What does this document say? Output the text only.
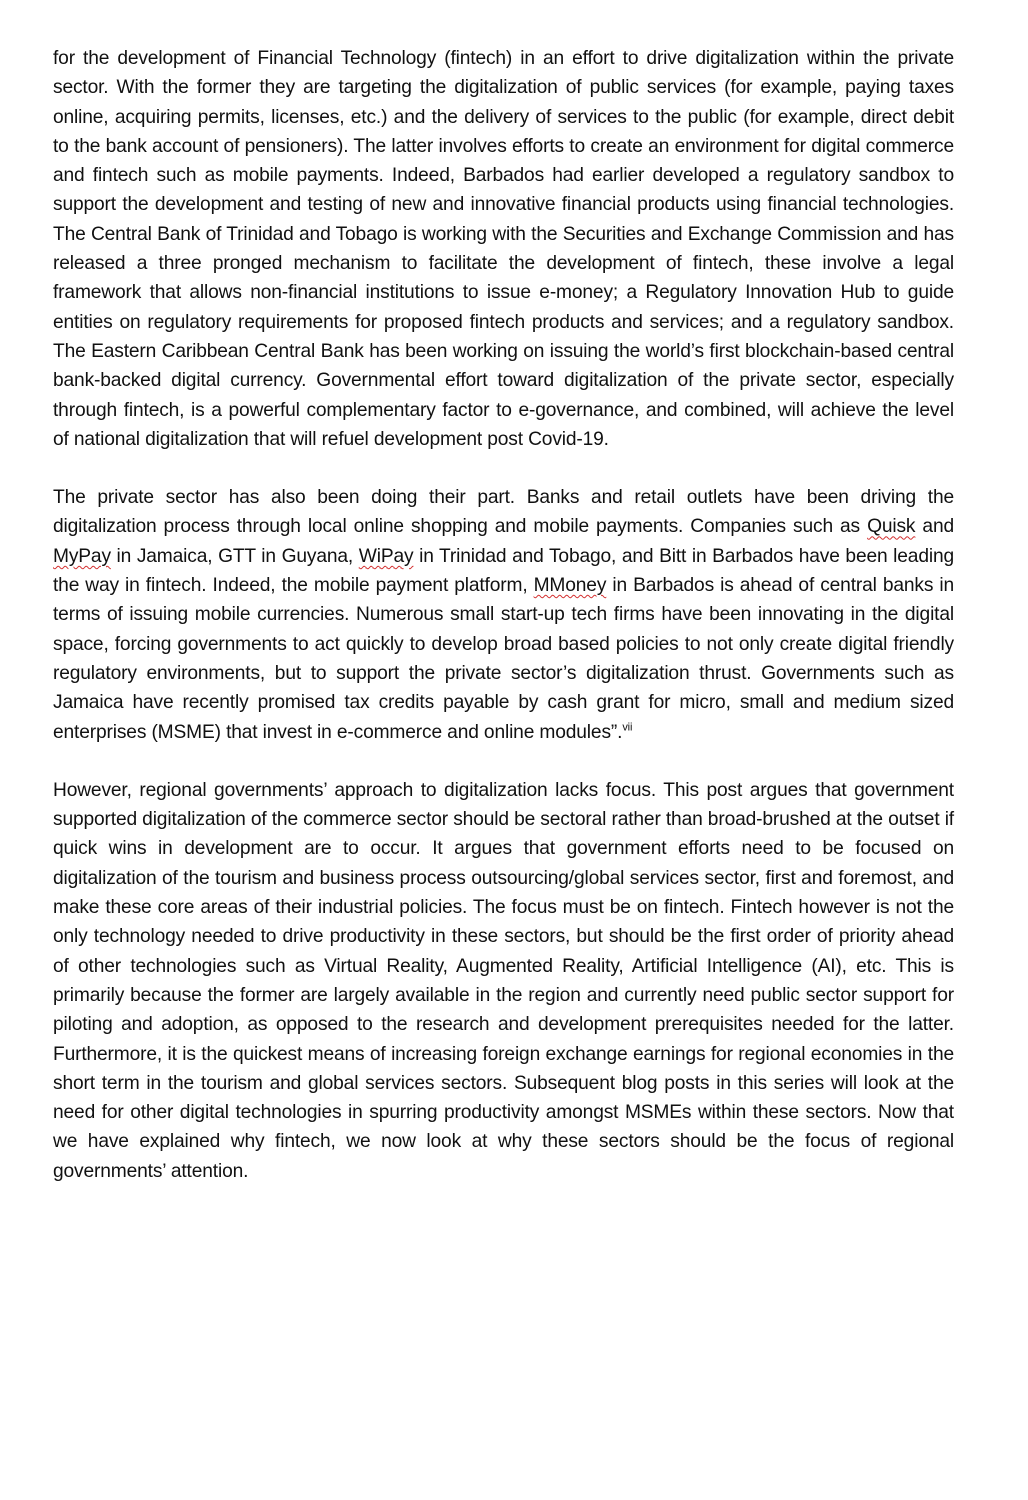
for the development of Financial Technology (fintech) in an effort to drive digitalization within the private sector. With the former they are targeting the digitalization of public services (for example, paying taxes online, acquiring permits, licenses, etc.) and the delivery of services to the public (for example, direct debit to the bank account of pensioners). The latter involves efforts to create an environment for digital commerce and fintech such as mobile payments. Indeed, Barbados had earlier developed a regulatory sandbox to support the development and testing of new and innovative financial products using financial technologies. The Central Bank of Trinidad and Tobago is working with the Securities and Exchange Commission and has released a three pronged mechanism to facilitate the development of fintech, these involve a legal framework that allows non-financial institutions to issue e-money; a Regulatory Innovation Hub to guide entities on regulatory requirements for proposed fintech products and services; and a regulatory sandbox. The Eastern Caribbean Central Bank has been working on issuing the world’s first blockchain-based central bank-backed digital currency. Governmental effort toward digitalization of the private sector, especially through fintech, is a powerful complementary factor to e-governance, and combined, will achieve the level of national digitalization that will refuel development post Covid-19.

The private sector has also been doing their part. Banks and retail outlets have been driving the digitalization process through local online shopping and mobile payments. Companies such as Quisk and MyPay in Jamaica, GTT in Guyana, WiPay in Trinidad and Tobago, and Bitt in Barbados have been leading the way in fintech. Indeed, the mobile payment platform, MMoney in Barbados is ahead of central banks in terms of issuing mobile currencies. Numerous small start-up tech firms have been innovating in the digital space, forcing governments to act quickly to develop broad based policies to not only create digital friendly regulatory environments, but to support the private sector’s digitalization thrust. Governments such as Jamaica have recently promised tax credits payable by cash grant for micro, small and medium sized enterprises (MSME) that invest in e-commerce and online modules”.$^{vii}$

However, regional governments’ approach to digitalization lacks focus. This post argues that government supported digitalization of the commerce sector should be sectoral rather than broad-brushed at the outset if quick wins in development are to occur. It argues that government efforts need to be focused on digitalization of the tourism and business process outsourcing/global services sector, first and foremost, and make these core areas of their industrial policies. The focus must be on fintech. Fintech however is not the only technology needed to drive productivity in these sectors, but should be the first order of priority ahead of other technologies such as Virtual Reality, Augmented Reality, Artificial Intelligence (AI), etc. This is primarily because the former are largely available in the region and currently need public sector support for piloting and adoption, as opposed to the research and development prerequisites needed for the latter. Furthermore, it is the quickest means of increasing foreign exchange earnings for regional economies in the short term in the tourism and global services sectors. Subsequent blog posts in this series will look at the need for other digital technologies in spurring productivity amongst MSMEs within these sectors. Now that we have explained why fintech, we now look at why these sectors should be the focus of regional governments’ attention.
